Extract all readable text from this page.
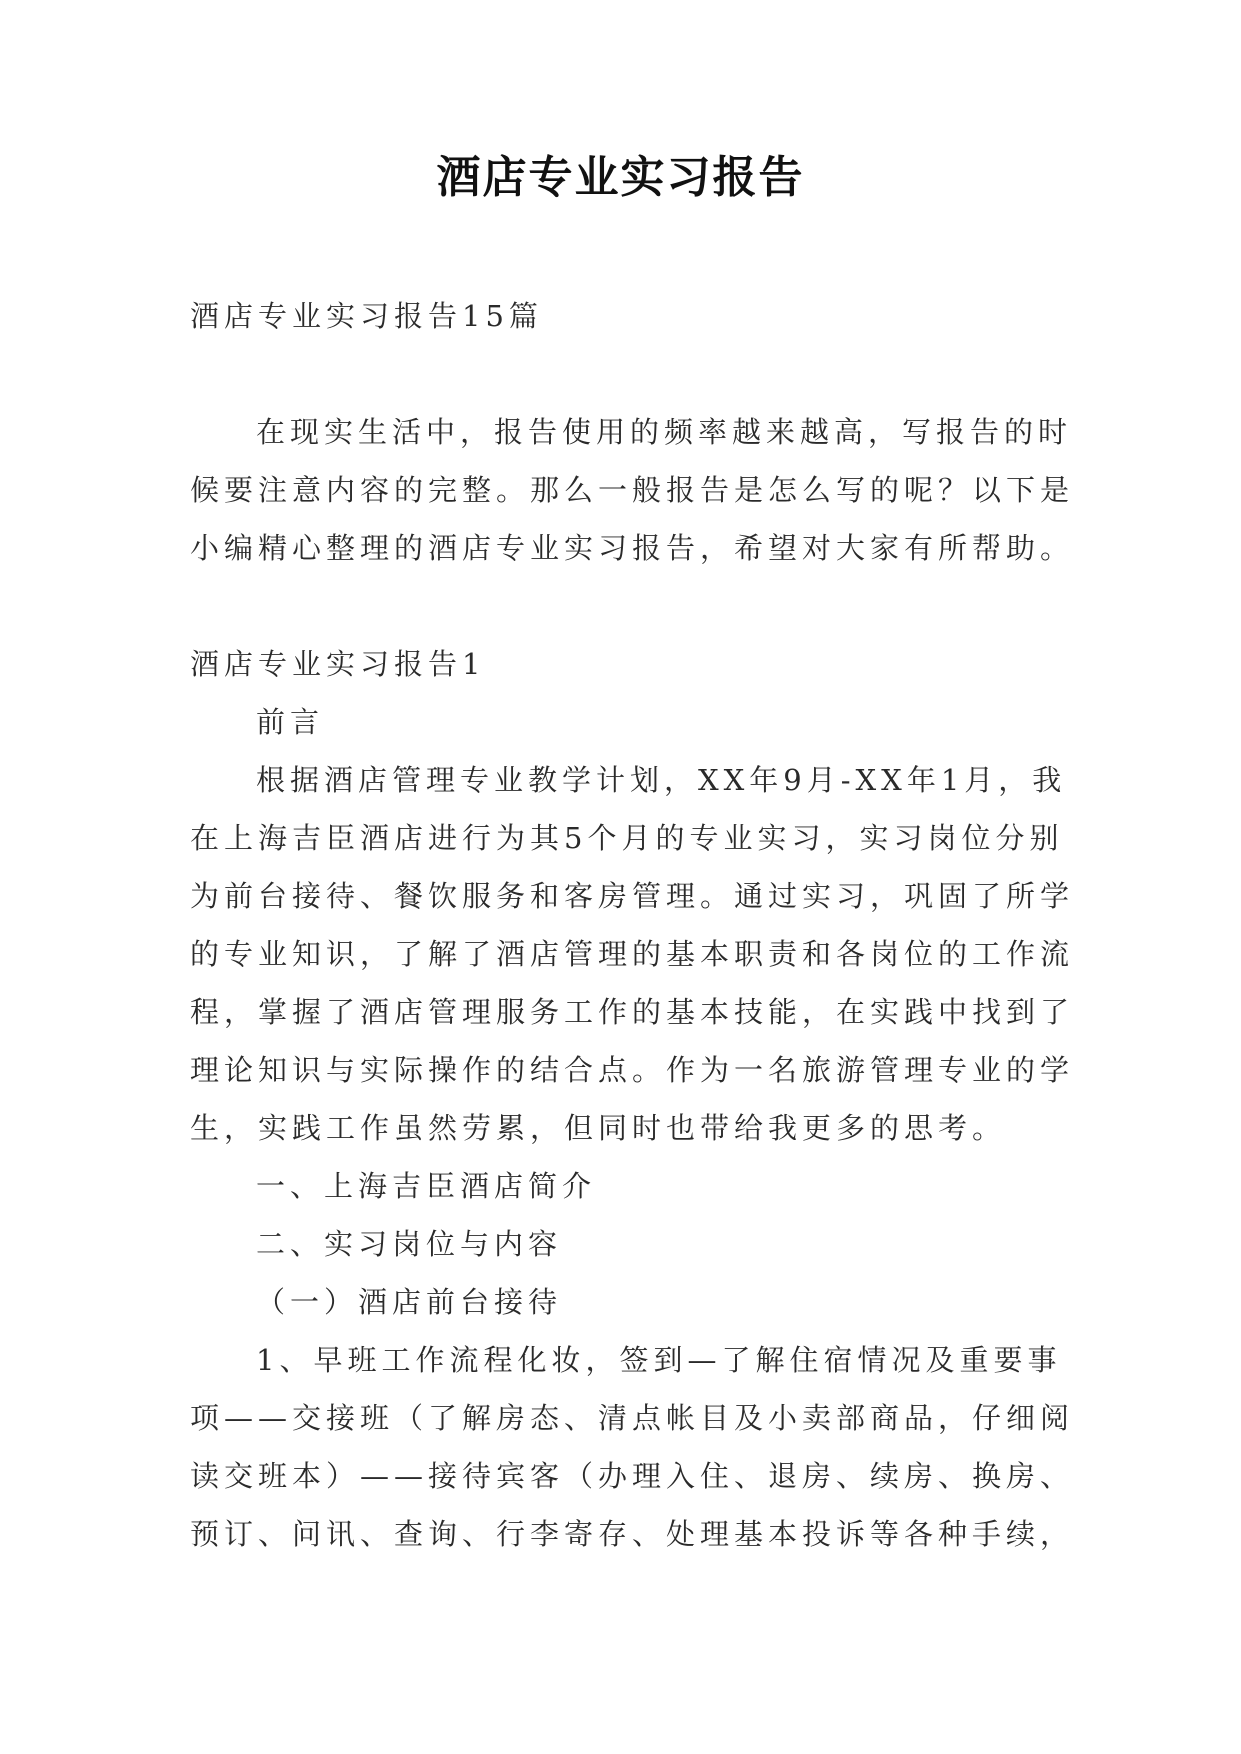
酒店专业实习报告
酒店专业实习报告15篇
在现实生活中，报告使用的频率越来越高，写报告的时
候要注意内容的完整。那么一般报告是怎么写的呢？以下是
小编精心整理的酒店专业实习报告，希望对大家有所帮助。
酒店专业实习报告1
前言
根据酒店管理专业教学计划，XX年9月-XX年1月，我
在上海吉臣酒店进行为其5个月的专业实习，实习岗位分别
为前台接待、餐饮服务和客房管理。通过实习，巩固了所学
的专业知识，了解了酒店管理的基本职责和各岗位的工作流
程，掌握了酒店管理服务工作的基本技能，在实践中找到了
理论知识与实际操作的结合点。作为一名旅游管理专业的学
生，实践工作虽然劳累，但同时也带给我更多的思考。
一、上海吉臣酒店简介
二、实习岗位与内容
（一）酒店前台接待
1、早班工作流程化妆，签到—了解住宿情况及重要事
项——交接班（了解房态、清点帐目及小卖部商品，仔细阅
读交班本）——接待宾客（办理入住、退房、续房、换房、
预订、问讯、查询、行李寄存、处理基本投诉等各种手续，
